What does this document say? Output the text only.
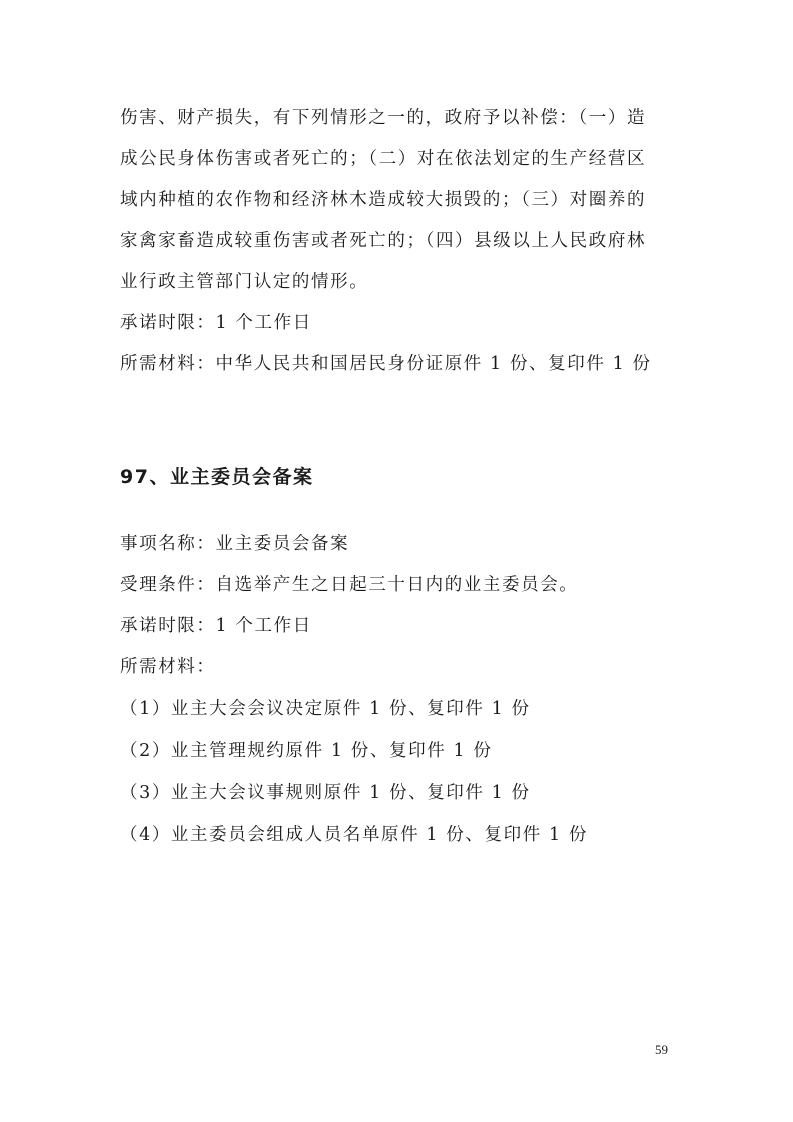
伤害、财产损失，有下列情形之一的，政府予以补偿：（一）造
成公民身体伤害或者死亡的；（二）对在依法划定的生产经营区
域内种植的农作物和经济林木造成较大损毁的；（三）对圈养的
家禽家畜造成较重伤害或者死亡的；（四）县级以上人民政府林
业行政主管部门认定的情形。
承诺时限：1 个工作日
所需材料：中华人民共和国居民身份证原件 1 份、复印件 1 份
97、业主委员会备案
事项名称：业主委员会备案
受理条件：自选举产生之日起三十日内的业主委员会。
承诺时限：1 个工作日
所需材料：
（1）业主大会会议决定原件 1 份、复印件 1 份
（2）业主管理规约原件 1 份、复印件 1 份
（3）业主大会议事规则原件 1 份、复印件 1 份
（4）业主委员会组成人员名单原件 1 份、复印件 1 份
59
